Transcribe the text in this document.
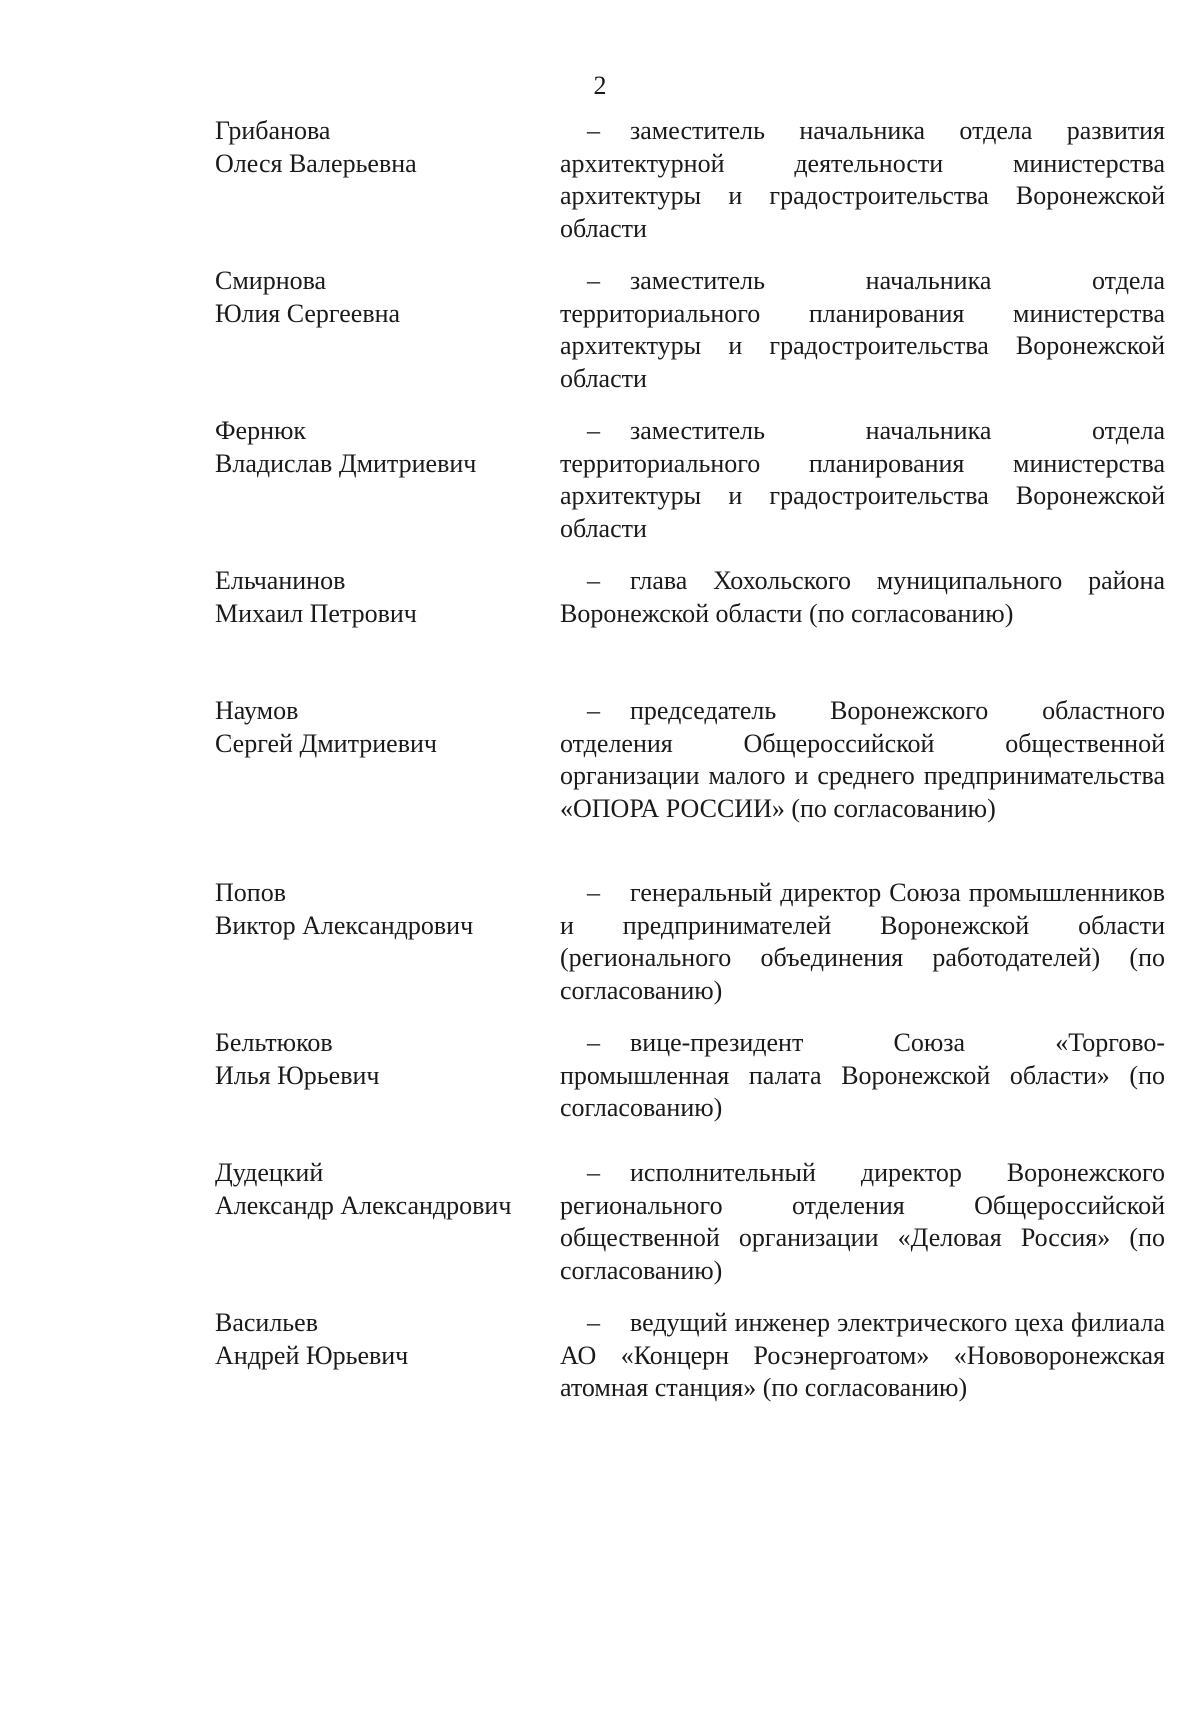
2
Грибанова
Олеся Валерьевна
– заместитель начальника отдела развития архитектурной деятельности министерства архитектуры и градостроительства Воронежской области
Смирнова
Юлия Сергеевна
– заместитель начальника отдела территориального планирования министерства архитектуры и градостроительства Воронежской области
Фернюк
Владислав Дмитриевич
– заместитель начальника отдела территориального планирования министерства архитектуры и градостроительства Воронежской области
Ельчанинов
Михаил Петрович
– глава Хохольского муниципального района Воронежской области (по согласованию)
Наумов
Сергей Дмитриевич
– председатель Воронежского областного отделения Общероссийской общественной организации малого и среднего предпринимательства «ОПОРА РОССИИ» (по согласованию)
Попов
Виктор Александрович
– генеральный директор Союза промышленников и предпринимателей Воронежской области (регионального объединения работодателей) (по согласованию)
Бельтюков
Илья Юрьевич
– вице-президент Союза «Торгово-промышленная палата Воронежской области» (по согласованию)
Дудецкий
Александр Александрович
– исполнительный директор Воронежского регионального отделения Общероссийской общественной организации «Деловая Россия» (по согласованию)
Васильев
Андрей Юрьевич
– ведущий инженер электрического цеха филиала АО «Концерн Росэнергоатом» «Нововоронежская атомная станция» (по согласованию)
